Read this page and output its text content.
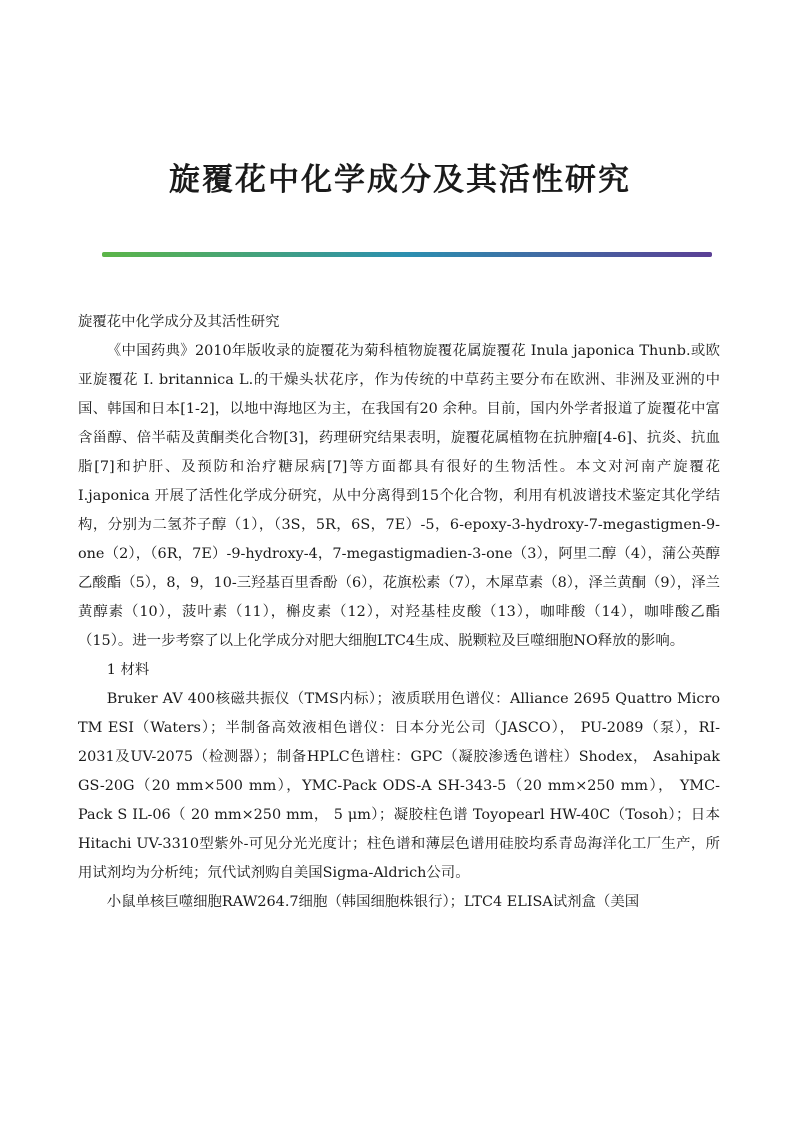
旋覆花中化学成分及其活性研究

旋覆花中化学成分及其活性研究

《中国药典》2010年版收录的旋覆花为菊科植物旋覆花属旋覆花 Inula japonica Thunb.或欧亚旋覆花 I. britannica L.的干燥头状花序，作为传统的中草药主要分布在欧洲、非洲及亚洲的中国、韩国和日本[1-2]，以地中海地区为主，在我国有20 余种。目前，国内外学者报道了旋覆花中富含甾醇、倍半萜及黄酮类化合物[3]，药理研究结果表明，旋覆花属植物在抗肿瘤[4-6]、抗炎、抗血脂[7]和护肝、及预防和治疗糖尿病[7]等方面都具有很好的生物活性。本文对河南产旋覆花 I.japonica 开展了活性化学成分研究，从中分离得到15个化合物，利用有机波谱技术鉴定其化学结构，分别为二氢芥子醇（1），（3S，5R，6S，7E）-5，6-epoxy-3-hydroxy-7-megastigmen-9-one（2），（6R，7E）-9-hydroxy-4，7-megastigmadien-3-one（3），阿里二醇（4），蒲公英醇乙酸酯（5），8，9，10-三羟基百里香酚（6），花旗松素（7），木犀草素（8），泽兰黄酮（9），泽兰黄醇素（10），菠叶素（11），槲皮素（12），对羟基桂皮酸（13），咖啡酸（14），咖啡酸乙酯（15）。进一步考察了以上化学成分对肥大细胞LTC4生成、脱颗粒及巨噬细胞NO释放的影响。

1 材料

Bruker AV 400核磁共振仪（TMS内标）；液质联用色谱仪：Alliance 2695 Quattro Micro TM ESI（Waters）；半制备高效液相色谱仪：日本分光公司（JASCO）， PU-2089（泵），RI-2031及UV-2075（检测器）；制备HPLC色谱柱：GPC（凝胶渗透色谱柱）Shodex， Asahipak GS-20G（20 mm×500 mm），YMC-Pack ODS-A SH-343-5（20 mm×250 mm）， YMC-Pack S IL-06（ 20 mm×250 mm， 5 μm）；凝胶柱色谱 Toyopearl HW-40C（Tosoh）；日本Hitachi UV-3310型紫外-可见分光光度计；柱色谱和薄层色谱用硅胶均系青岛海洋化工厂生产，所用试剂均为分析纯；氘代试剂购自美国Sigma-Aldrich公司。

小鼠单核巨噬细胞RAW264.7细胞（韩国细胞株银行）；LTC4 ELISA试剂盒（美国
